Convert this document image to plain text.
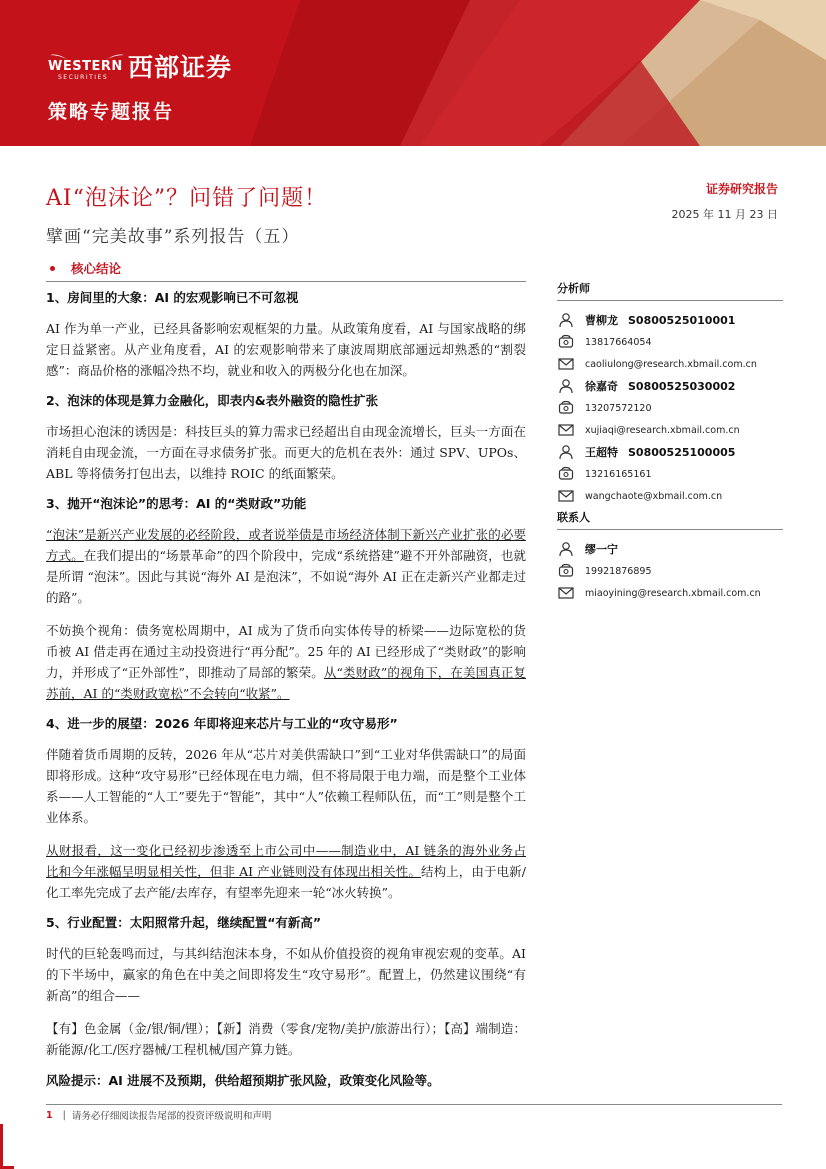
WESTERN
SECURITIES 西部证券
策略专题报告
AI“泡沫论”？问错了问题！
擘画“完美故事”系列报告（五）
证券研究报告
2025 年 11 月 23 日
核心结论
1、房间里的大象：AI 的宏观影响已不可忽视
AI 作为单一产业，已经具备影响宏观框架的力量。从政策角度看，AI 与国家战略的绑定日益紧密。从产业角度看，AI 的宏观影响带来了康波周期底部逦远却熟悉的“割裂感”：商品价格的涨幅冷热不均，就业和收入的两极分化也在加深。
2、泡沫的体现是算力金融化，即表内&表外融资的隐性扩张
市场担心泡沫的诱因是：科技巨头的算力需求已经超出自由现金流增长，巨头一方面在消耗自由现金流，一方面在寻求债务扩张。而更大的危机在表外：通过 SPV、UPOs、ABL 等将债务打包出去，以维持 ROIC 的纸面繁荣。
3、抛开“泡沫论”的思考：AI 的“类财政”功能
“泡沫”是新兴产业发展的必经阶段，或者说举债是市场经济体制下新兴产业扩张的必要方式。在我们提出的“场景革命”的四个阶段中，完成“系统搭建”避不开外部融资，也就是所谓 “泡沫”。因此与其说“海外 AI 是泡沫”，不如说“海外 AI 正在走新兴产业都走过的路”。
不妨换个视角：债务宽松周期中，AI 成为了货币向实体传导的桥梁——边际宽松的货币被 AI 借走再在通过主动投资进行“再分配”。25 年的 AI 已经形成了“类财政”的影响力，并形成了“正外部性”，即推动了局部的繁荣。从“类财政”的视角下，在美国真正复苏前，AI 的“类财政宽松”不会转向“收紧”。
4、进一步的展望：2026 年即将迎来芯片与工业的“攻守易形”
伴随着货币周期的反转，2026 年从“芯片对美供需缺口”到“工业对华供需缺口”的局面即将形成。这种“攻守易形”已经体现在电力端，但不将局限于电力端，而是整个工业体系——人工智能的“人工”要先于“智能”，其中“人”依赖工程师队伍，而“工”则是整个工业体系。
从财报看，这一变化已经初步渗透至上市公司中——制造业中，AI 链条的海外业务占比和今年涨幅呈明显相关性，但非 AI 产业链则没有体现出相关性。结构上，由于电新/化工率先完成了去产能/去库存，有望率先迎来一轮“冰火转换”。
5、行业配置：太阳照常升起，继续配置“有新高”
时代的巨轮轰鸣而过，与其纠结泡沫本身，不如从价值投资的视角审视宏观的变革。AI 的下半场中，赢家的角色在中美之间即将发生“攻守易形”。配置上，仍然建议围绕“有新高”的组合——
【有】色金属（金/银/铜/锂）；【新】消费（零食/宠物/美护/旅游出行）；【高】端制造：新能源/化工/医疗器械/工程机械/国产算力链。
风险提示：AI 进展不及预期，供给超预期扩张风险，政策变化风险等。
分析师
曹柳龙 S0800525010001
13817664054
caoliulong@research.xbmail.com.cn
徐嘉奇 S0800525030002
13207572120
xujiaqi@research.xbmail.com.cn
王超特 S0800525100005
13216165161
wangchaote@xbmail.com.cn
联系人
缪一宁
19921876895
miaoyining@research.xbmail.com.cn
1 | 请务必仔细阅读报告尾部的投资评级说明和声明
